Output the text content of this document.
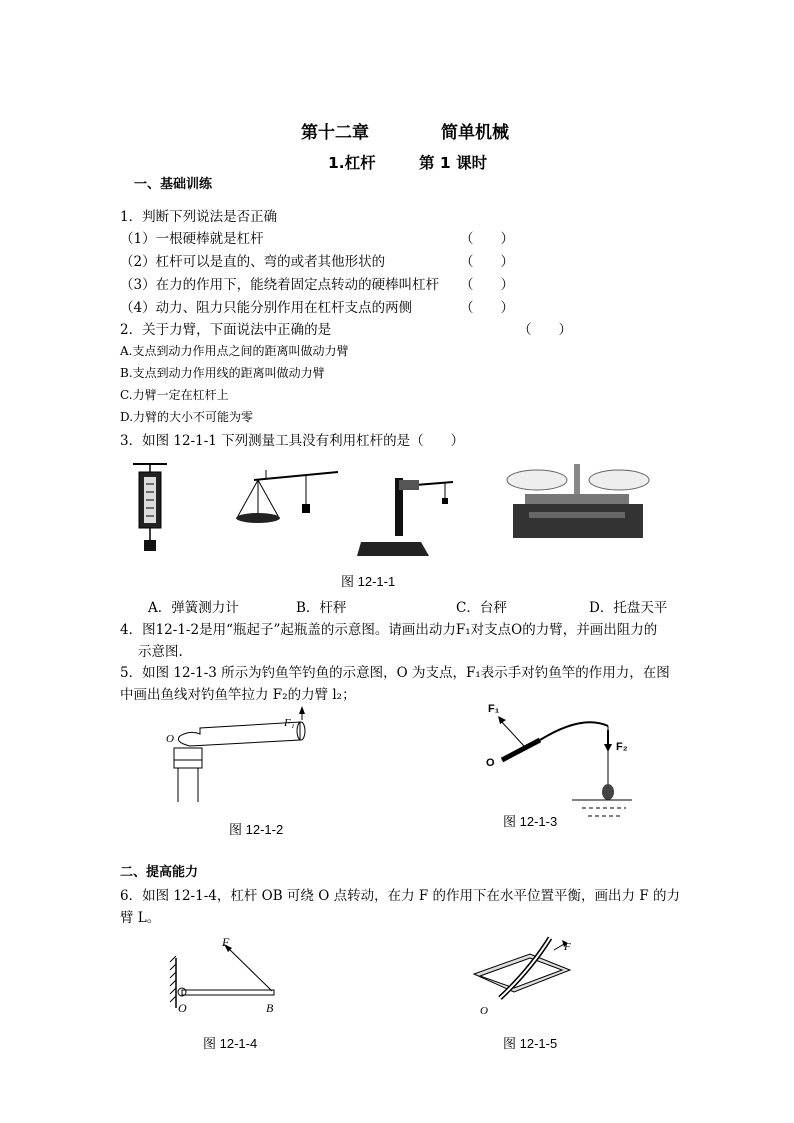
第十二章	简单机械
1.杠杆	第 1 课时
一、基础训练
1．判断下列说法是否正确
（1）一根硬棒就是杠杆	（　　）
（2）杠杆可以是直的、弯的或者其他形状的	（　　）
（3）在力的作用下，能绕着固定点转动的硬棒叫杠杆 （　　）
（4）动力、阻力只能分别作用在杠杆支点的两侧	（　　）
2．关于力臂，下面说法中正确的是	（　　）
A.支点到动力作用点之间的距离叫做动力臂
B.支点到动力作用线的距离叫做动力臂
C.力臂一定在杠杆上
D.力臂的大小不可能为零
3．如图 12-1-1 下列测量工具没有利用杠杆的是（　　）
图 12-1-1
A．弹簧测力计	B．杆秤	C．台秤	D．托盘天平
4．图12-1-2是用“瓶起子”起瓶盖的示意图。请画出动力F₁对支点O的力臂，并画出阻力的
示意图.
5．如图 12-1-3 所示为钓鱼竿钓鱼的示意图，O 为支点，F₁表示手对钓鱼竿的作用力，在图
中画出鱼线对钓鱼竿拉力 F₂的力臂 l₂；
F₁
O
图 12-1-2
F₁
F₂
O
图 12-1-3
二、提高能力
6．如图 12-1-4，杠杆 OB 可绕 O 点转动，在力 F 的作用下在水平位置平衡，画出力 F 的力
臂 L。
F
O	B
图 12-1-4
F
O
图 12-1-5
